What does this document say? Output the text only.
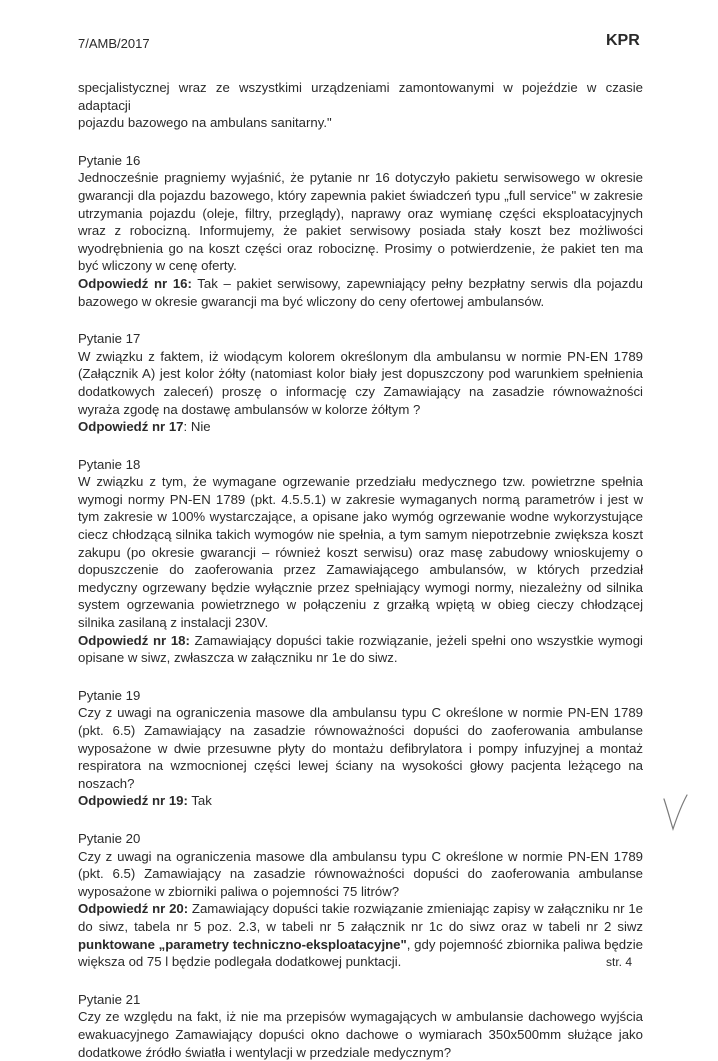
7/AMB/2017	KPR

specjalistycznej wraz ze wszystkimi urządzeniami zamontowanymi w pojeździe w czasie adaptacji

pojazdu bazowego na ambulans sanitarny."

Pytanie 16

Jednocześnie pragniemy wyjaśnić, że pytanie nr 16 dotyczyło pakietu serwisowego w okresie gwarancji dla pojazdu bazowego, który zapewnia pakiet świadczeń typu „full service" w zakresie utrzymania pojazdu (oleje, filtry, przeglądy), naprawy oraz wymianę części eksploatacyjnych wraz z robocizną. Informujemy, że pakiet serwisowy posiada stały koszt bez możliwości wyodrębnienia go na koszt części oraz robociznę. Prosimy o potwierdzenie, że pakiet ten ma być wliczony w cenę oferty.

Odpowiedź nr 16: Tak – pakiet serwisowy, zapewniający pełny bezpłatny serwis dla pojazdu bazowego w okresie gwarancji ma być wliczony do ceny ofertowej ambulansów.

Pytanie 17

W związku z faktem, iż wiodącym kolorem określonym dla ambulansu w normie PN-EN 1789 (Załącznik A) jest kolor żółty (natomiast kolor biały jest dopuszczony pod warunkiem spełnienia dodatkowych zaleceń) proszę o informację czy Zamawiający na zasadzie równoważności wyraża zgodę na dostawę ambulansów w kolorze żółtym ?

Odpowiedź nr 17: Nie

Pytanie 18

W związku z tym, że wymagane ogrzewanie przedziału medycznego tzw. powietrzne spełnia wymogi normy PN-EN 1789 (pkt. 4.5.5.1) w zakresie wymaganych normą parametrów i jest w tym zakresie w 100% wystarczające, a opisane jako wymóg ogrzewanie wodne wykorzystujące ciecz chłodzącą silnika takich wymogów nie spełnia, a tym samym niepotrzebnie zwiększa koszt zakupu (po okresie gwarancji – również koszt serwisu) oraz masę zabudowy wnioskujemy o dopuszczenie do zaoferowania przez Zamawiającego ambulansów, w których przedział medyczny ogrzewany będzie wyłącznie przez spełniający wymogi normy, niezależny od silnika system ogrzewania powietrznego w połączeniu z grzałką wpiętą w obieg cieczy chłodzącej silnika zasilaną z instalacji 230V.

Odpowiedź nr 18: Zamawiający dopuści takie rozwiązanie, jeżeli spełni ono wszystkie wymogi opisane w siwz, zwłaszcza w załączniku nr 1e do siwz.

Pytanie 19

Czy z uwagi na ograniczenia masowe dla ambulansu typu C określone w normie PN-EN 1789 (pkt. 6.5) Zamawiający na zasadzie równoważności dopuści do zaoferowania ambulanse wyposażone w dwie przesuwne płyty do montażu defibrylatora i pompy infuzyjnej a montaż respiratora na wzmocnionej części lewej ściany na wysokości głowy pacjenta leżącego na noszach?

Odpowiedź nr 19: Tak

Pytanie 20

Czy z uwagi na ograniczenia masowe dla ambulansu typu C określone w normie PN-EN 1789 (pkt. 6.5) Zamawiający na zasadzie równoważności dopuści do zaoferowania ambulanse wyposażone w zbiorniki paliwa o pojemności 75 litrów?

Odpowiedź nr 20: Zamawiający dopuści takie rozwiązanie zmieniając zapisy w załączniku nr 1e do siwz, tabela nr 5 poz. 2.3, w tabeli nr 5 załącznik nr 1c do siwz oraz w tabeli nr 2 siwz punktowane „parametry techniczno-eksploatacyjne", gdy pojemność zbiornika paliwa będzie większa od 75 l będzie podlegała dodatkowej punktacji.

Pytanie 21

Czy ze względu na fakt, iż nie ma przepisów wymagających w ambulansie dachowego wyjścia ewakuacyjnego Zamawiający dopuści okno dachowe o wymiarach 350x500mm służące jako dodatkowe źródło światła i wentylacji w przedziale medycznym?

str. 4
